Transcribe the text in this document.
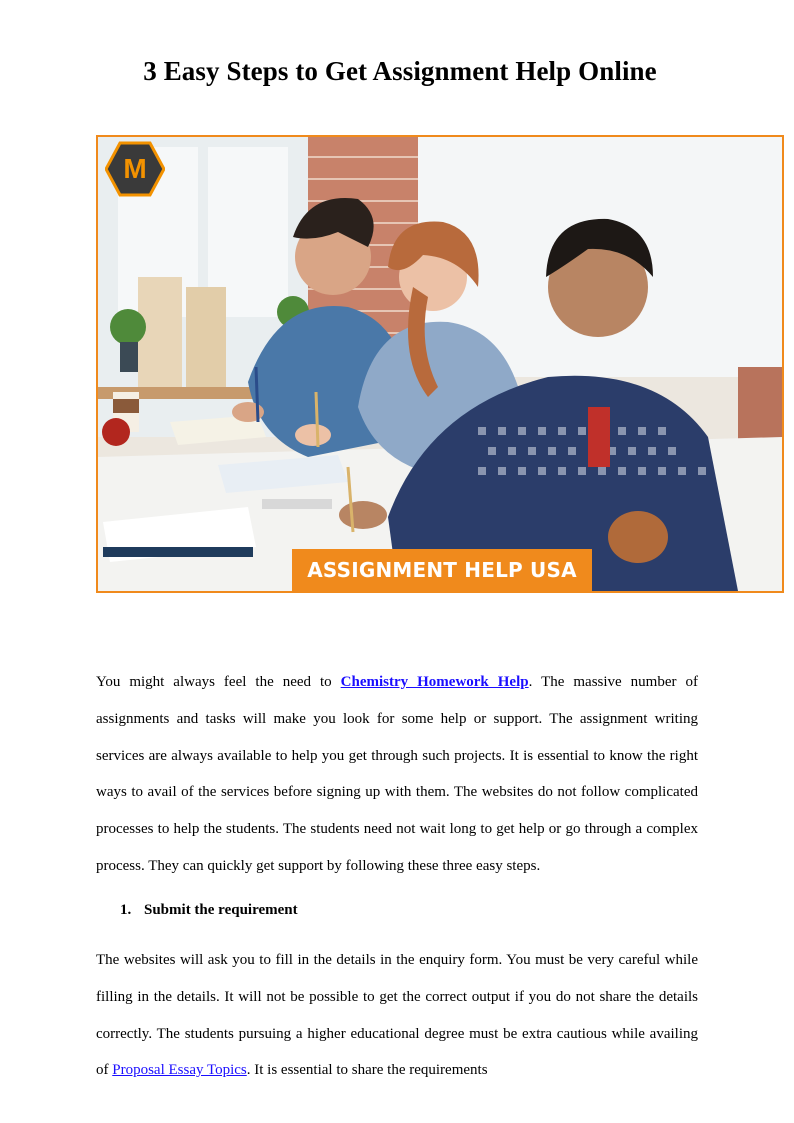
3 Easy Steps to Get Assignment Help Online
M
ASSIGNMENT HELP USA

You might always feel the need to Chemistry Homework Help. The massive number of assignments and tasks will make you look for some help or support. The assignment writing services are always available to help you get through such projects. It is essential to know the right ways to avail of the services before signing up with them. The websites do not follow complicated processes to help the students. The students need not wait long to get help or go through a complex process. They can quickly get support by following these three easy steps.

1. Submit the requirement

The websites will ask you to fill in the details in the enquiry form. You must be very careful while filling in the details. It will not be possible to get the correct output if you do not share the details correctly. The students pursuing a higher educational degree must be extra cautious while availing of Proposal Essay Topics. It is essential to share the requirements
